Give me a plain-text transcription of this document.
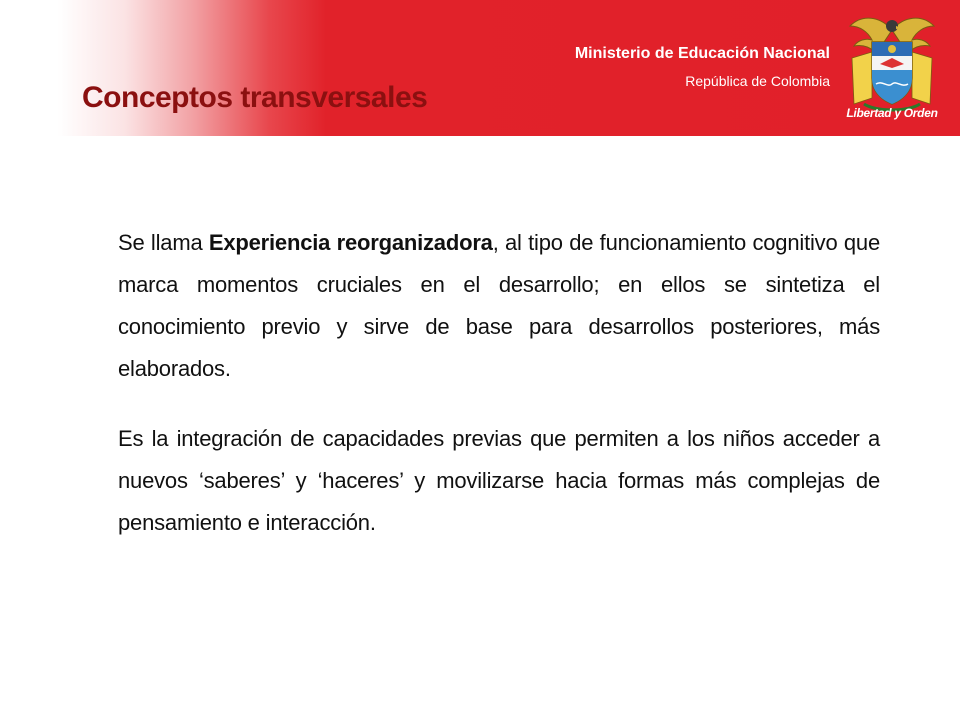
Ministerio de Educación Nacional
República de Colombia
Conceptos transversales	Libertad y Orden

Se llama Experiencia reorganizadora, al tipo de funcionamiento cognitivo que marca momentos cruciales en el desarrollo; en ellos se sintetiza el conocimiento previo y sirve de base para desarrollos posteriores, más elaborados.

Es la integración de capacidades previas que permiten a los niños acceder a nuevos ‘saberes’ y ‘haceres’ y movilizarse hacia formas más complejas de pensamiento e interacción.
